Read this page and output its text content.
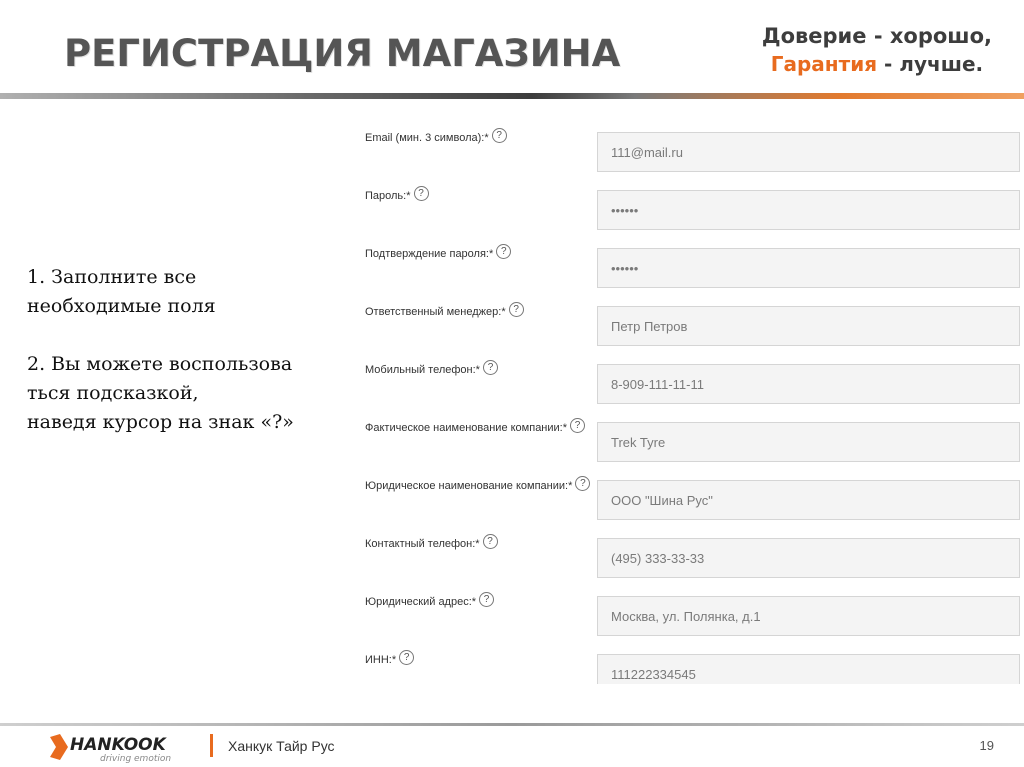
РЕГИСТРАЦИЯ МАГАЗИНА	Доверие - хорошо,
Гарантия - лучше.

1. Заполните все

необходимые поля

2. Вы можете воспользова

ться подсказкой,

наведя курсор на знак «?»

Email (мин. 3 символа):* ?
111@mail.ru
Пароль:* ?
••••••
Подтверждение пароля:* ?
••••••
Ответственный менеджер:* ?
Петр Петров
Мобильный телефон:* ?
8-909-111-11-11
Фактическое наименование компании:* ?
Trek Tyre
Юридическое наименование компании:* ?
ООО "Шина Рус"
Контактный телефон:* ?
(495) 333-33-33
Юридический адрес:* ?
Москва, ул. Полянка, д.1
ИНН:* ?
111222334545
HANKOOK
driving emotion
Ханкук Тайр Рус	19
